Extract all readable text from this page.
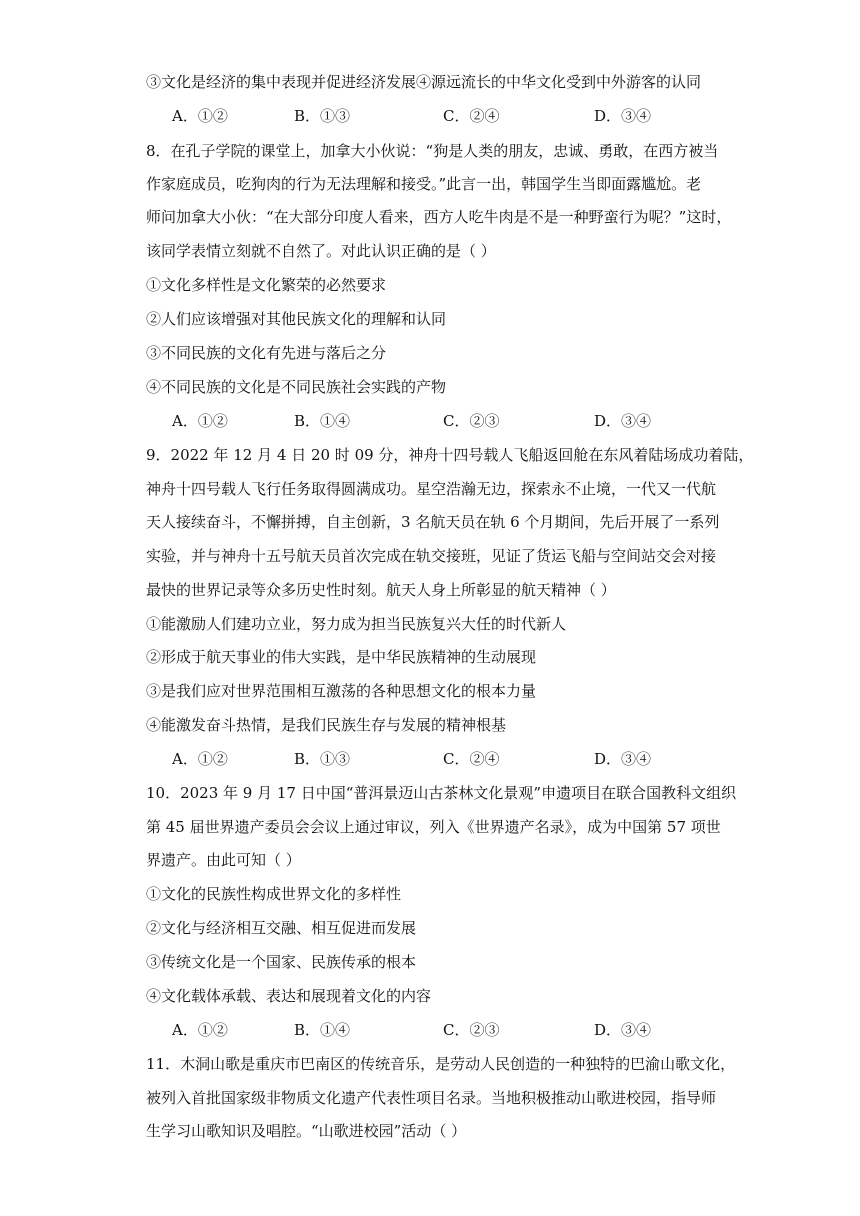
③文化是经济的集中表现并促进经济发展④源远流长的中华文化受到中外游客的认同
A．①②	B．①③	C．②④	D．③④
8．在孔子学院的课堂上，加拿大小伙说：“狗是人类的朋友，忠诚、勇敢，在西方被当
作家庭成员，吃狗肉的行为无法理解和接受。”此言一出，韩国学生当即面露尴尬。老
师问加拿大小伙：“在大部分印度人看来，西方人吃牛肉是不是一种野蛮行为呢？”这时，
该同学表情立刻就不自然了。对此认识正确的是（ ）
①文化多样性是文化繁荣的必然要求
②人们应该增强对其他民族文化的理解和认同
③不同民族的文化有先进与落后之分
④不同民族的文化是不同民族社会实践的产物
A．①②	B．①④	C．②③	D．③④
9．2022 年 12 月 4 日 20 时 09 分，神舟十四号载人飞船返回舱在东风着陆场成功着陆，
神舟十四号载人飞行任务取得圆满成功。星空浩瀚无边，探索永不止境，一代又一代航
天人接续奋斗，不懈拼搏，自主创新，3 名航天员在轨 6 个月期间，先后开展了一系列
实验，并与神舟十五号航天员首次完成在轨交接班，见证了货运飞船与空间站交会对接
最快的世界记录等众多历史性时刻。航天人身上所彰显的航天精神（ ）
①能激励人们建功立业，努力成为担当民族复兴大任的时代新人
②形成于航天事业的伟大实践，是中华民族精神的生动展现
③是我们应对世界范围相互激荡的各种思想文化的根本力量
④能激发奋斗热情，是我们民族生存与发展的精神根基
A．①②	B．①③	C．②④	D．③④
10．2023 年 9 月 17 日中国“普洱景迈山古茶林文化景观”申遗项目在联合国教科文组织
第 45 届世界遗产委员会会议上通过审议，列入《世界遗产名录》，成为中国第 57 项世
界遗产。由此可知（ ）
①文化的民族性构成世界文化的多样性
②文化与经济相互交融、相互促进而发展
③传统文化是一个国家、民族传承的根本
④文化载体承载、表达和展现着文化的内容
A．①②	B．①④	C．②③	D．③④
11．木洞山歌是重庆市巴南区的传统音乐，是劳动人民创造的一种独特的巴渝山歌文化，
被列入首批国家级非物质文化遗产代表性项目名录。当地积极推动山歌进校园，指导师
生学习山歌知识及唱腔。“山歌进校园”活动（ ）
